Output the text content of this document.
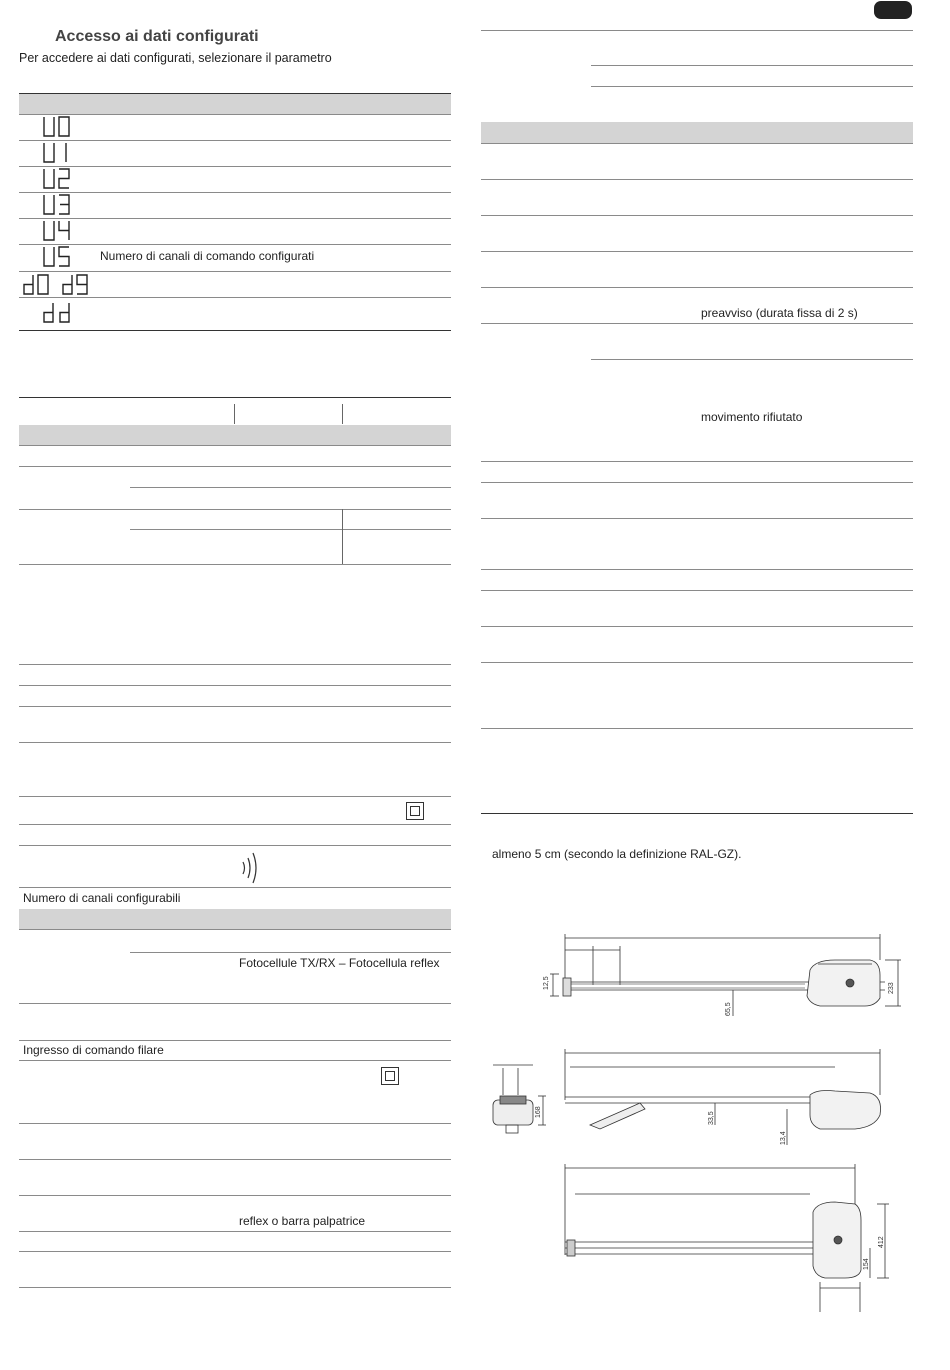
Accesso ai dati configurati
Per accedere ai dati configurati, selezionare il parametro
Numero di canali di comando configurati
Numero di canali configurabili
Fotocellule TX/RX – Fotocellula reflex
Ingresso di comando filare
reflex o barra palpatrice
preavviso (durata fissa di 2 s)
movimento rifiutato
almeno 5 cm (secondo la definizione RAL-GZ).
12,5
65,5
233
168	33,5
13,4
412
154
